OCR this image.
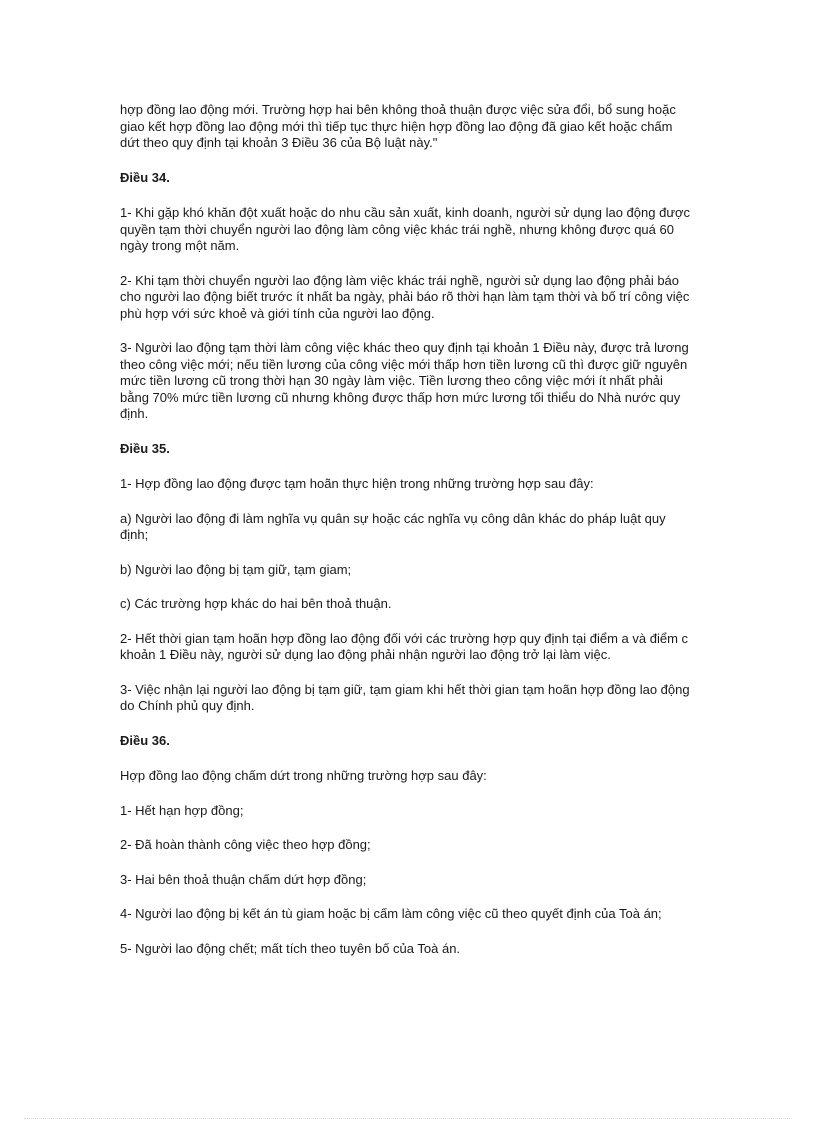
hợp đồng lao động mới. Trường hợp hai bên không thoả thuận được việc sửa đổi, bổ sung hoặc giao kết hợp đồng lao động mới thì tiếp tục thực hiện hợp đồng lao động đã giao kết hoặc chấm dứt theo quy định tại khoản 3 Điều 36 của Bộ luật này."

Điều 34.

1- Khi gặp khó khăn đột xuất hoặc do nhu cầu sản xuất, kinh doanh, người sử dụng lao động được quyền tạm thời chuyển người lao động làm công việc khác trái nghề, nhưng không được quá 60 ngày trong một năm.

2- Khi tạm thời chuyển người lao động làm việc khác trái nghề, người sử dụng lao động phải báo cho người lao động biết trước ít nhất ba ngày, phải báo rõ thời hạn làm tạm thời và bố trí công việc phù hợp với sức khoẻ và giới tính của người lao động.

3- Người lao động tạm thời làm công việc khác theo quy định tại khoản 1 Điều này, được trả lương theo công việc mới; nếu tiền lương của công việc mới thấp hơn tiền lương cũ thì được giữ nguyên mức tiền lương cũ trong thời hạn 30 ngày làm việc. Tiền lương theo công việc mới ít nhất phải bằng 70% mức tiền lương cũ nhưng không được thấp hơn mức lương tối thiểu do Nhà nước quy định.

Điều 35.

1- Hợp đồng lao động được tạm hoãn thực hiện trong những trường hợp sau đây:

a) Người lao động đi làm nghĩa vụ quân sự hoặc các nghĩa vụ công dân khác do pháp luật quy định;

b) Người lao động bị tạm giữ, tạm giam;

c) Các trường hợp khác do hai bên thoả thuận.

2- Hết thời gian tạm hoãn hợp đồng lao động đối với các trường hợp quy định tại điểm a và điểm c khoản 1 Điều này, người sử dụng lao động phải nhận người lao động trở lại làm việc.

3- Việc nhận lại người lao động bị tạm giữ, tạm giam khi hết thời gian tạm hoãn hợp đồng lao động do Chính phủ quy định.

Điều 36.

Hợp đồng lao động chấm dứt trong những trường hợp sau đây:

1- Hết hạn hợp đồng;

2- Đã hoàn thành công việc theo hợp đồng;

3- Hai bên thoả thuận chấm dứt hợp đồng;

4- Người lao động bị kết án tù giam hoặc bị cấm làm công việc cũ theo quyết định của Toà án;

5- Người lao động chết; mất tích theo tuyên bố của Toà án.
